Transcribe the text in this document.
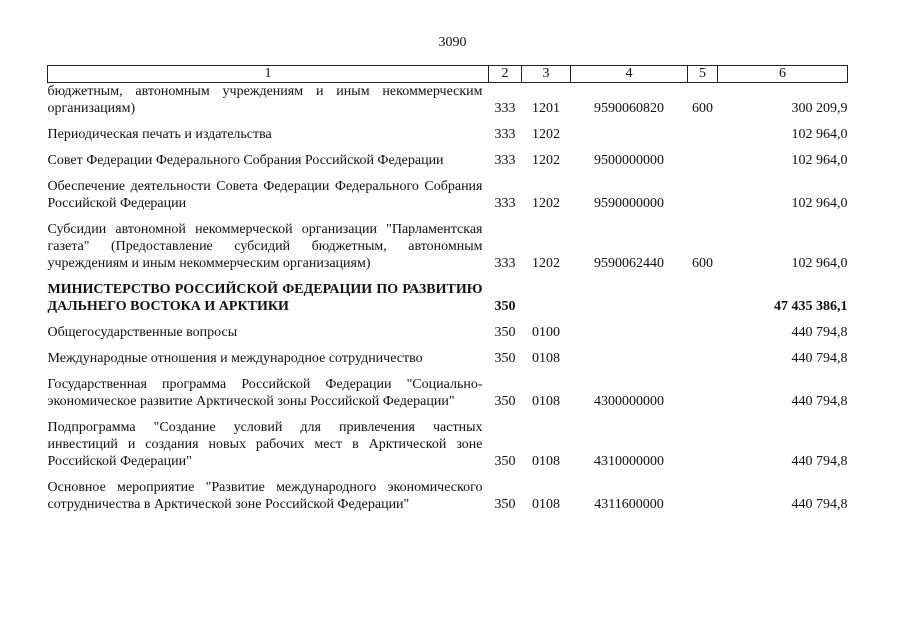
3090
1	2	3	4	5	6
бюджетным, автономным учреждениям и иным некоммерческим организациям)	333	1201	9590060820	600	300 209,9
Периодическая печать и издательства	333	1202			102 964,0
Совет Федерации Федерального Собрания Российской Федерации	333	1202	9500000000		102 964,0
Обеспечение деятельности Совета Федерации Федерального Собрания Российской Федерации	333	1202	9590000000		102 964,0
Субсидии автономной некоммерческой организации "Парламентская газета" (Предоставление субсидий бюджетным, автономным учреждениям и иным некоммерческим организациям)	333	1202	9590062440	600	102 964,0
МИНИСТЕРСТВО РОССИЙСКОЙ ФЕДЕРАЦИИ ПО РАЗВИТИЮ ДАЛЬНЕГО ВОСТОКА И АРКТИКИ	350				47 435 386,1
Общегосударственные вопросы	350	0100			440 794,8
Международные отношения и международное сотрудничество	350	0108			440 794,8
Государственная программа Российской Федерации "Социально-экономическое развитие Арктической зоны Российской Федерации"	350	0108	4300000000		440 794,8
Подпрограмма "Создание условий для привлечения частных инвестиций и создания новых рабочих мест в Арктической зоне Российской Федерации"	350	0108	4310000000		440 794,8
Основное мероприятие "Развитие международного экономического сотрудничества в Арктической зоне Российской Федерации"	350	0108	4311600000		440 794,8
